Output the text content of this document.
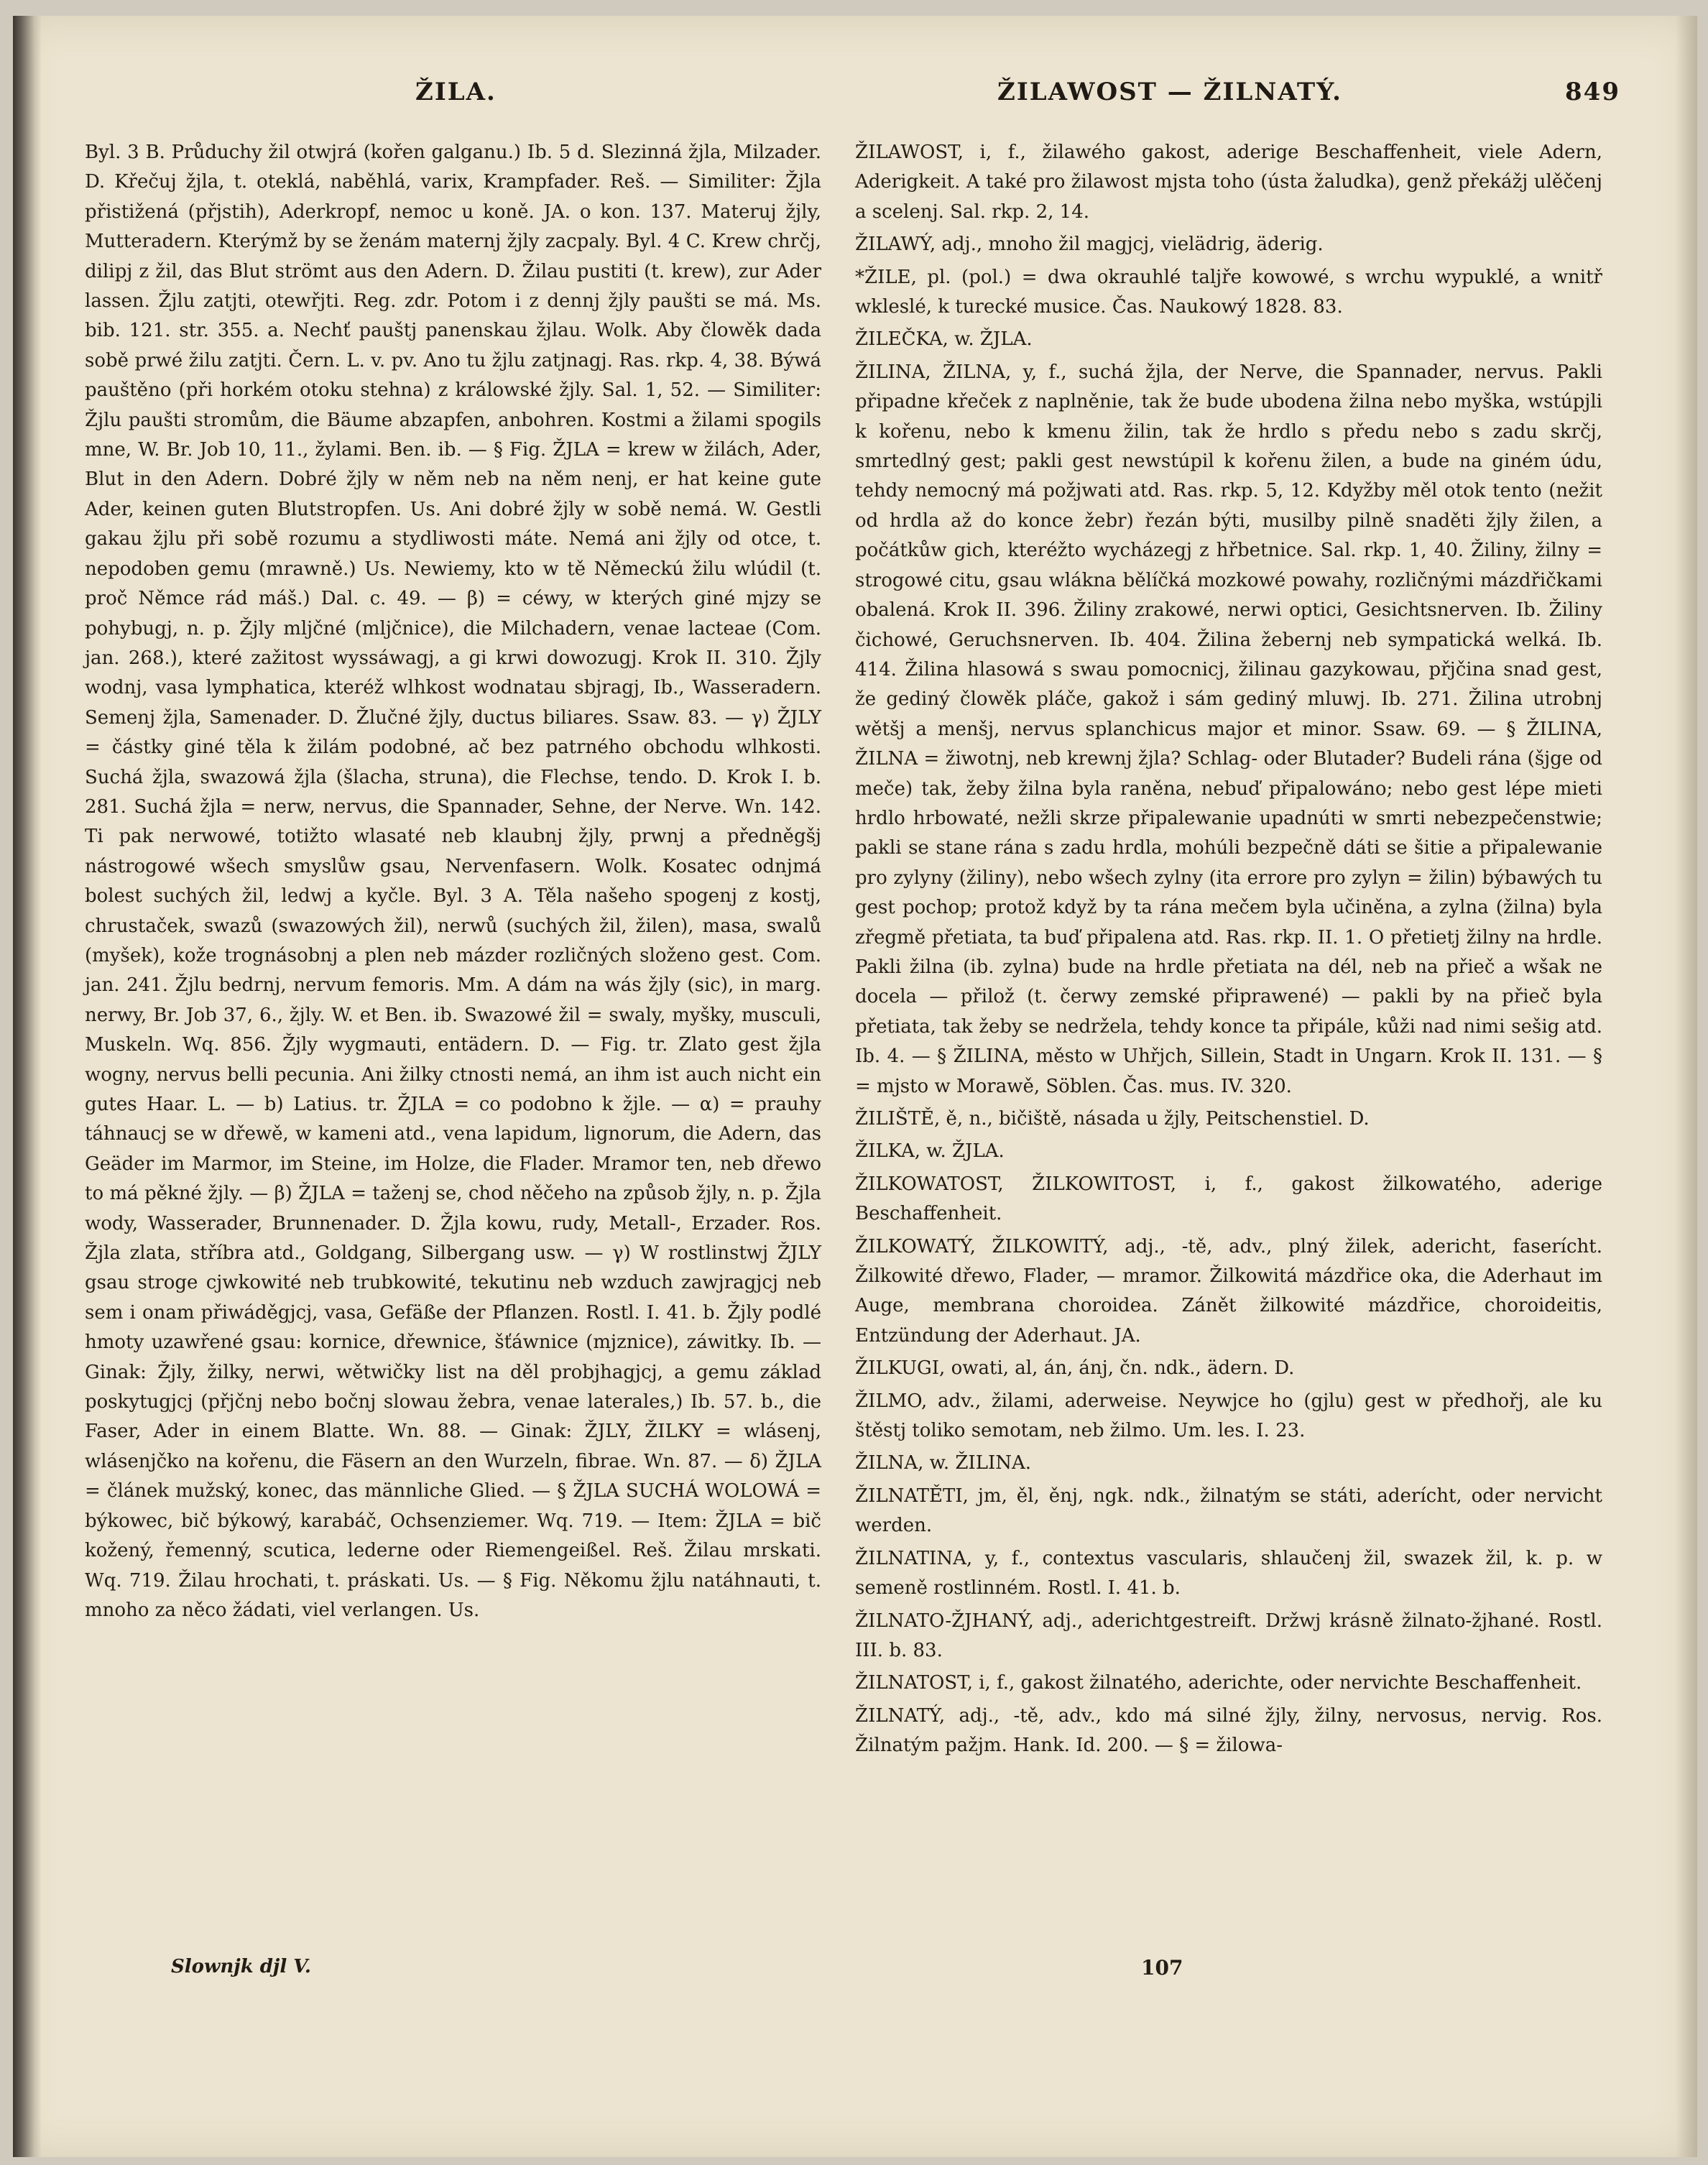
ŽILA.	ŽILAWOST — ŽILNATÝ.	849

Byl. 3 B. Průduchy žil otwjrá (kořen galganu.) Ib. 5 d. Slezinná žjla, Milzader. D. Křečuj žjla, t. oteklá, naběhlá, varix, Krampfader. Reš. — Similiter: Žjla přistižená (přjstih), Aderkropf, nemoc u koně. JA. o kon. 137. Materuj žjly, Mutteradern. Kterýmž by se ženám maternj žjly zacpaly. Byl. 4 C. Krew chrčj, dilipj z žil, das Blut strömt aus den Adern. D. Žilau pustiti (t. krew), zur Ader lassen. Žjlu zatjti, otewřjti. Reg. zdr. Potom i z dennj žjly paušti se má. Ms. bib. 121. str. 355. a. Nechť pauštj panenskau žjlau. Wolk. Aby člowěk dada sobě prwé žilu zatjti. Čern. L. v. pv. Ano tu žjlu zatjnagj. Ras. rkp. 4, 38. Býwá pauštěno (při horkém otoku stehna) z králowské žjly. Sal. 1, 52. — Similiter: Žjlu paušti stromům, die Bäume abzapfen, anbohren. Kostmi a žilami spogils mne, W. Br. Job 10, 11., žylami. Ben. ib. — § Fig. ŽJLA = krew w žilách, Ader, Blut in den Adern. Dobré žjly w něm neb na něm nenj, er hat keine gute Ader, keinen guten Blutstropfen. Us. Ani dobré žjly w sobě nemá. W. Gestli gakau žjlu při sobě rozumu a stydliwosti máte. Nemá ani žjly od otce, t. nepodoben gemu (mrawně.) Us. Newiemy, kto w tě Německú žilu wlúdil (t. proč Němce rád máš.) Dal. c. 49. — β) = céwy, w kterých giné mjzy se pohybugj, n. p. Žjly mljčné (mljčnice), die Milchadern, venae lacteae (Com. jan. 268.), které zažitost wyssáwagj, a gi krwi dowozugj. Krok II. 310. Žjly wodnj, vasa lymphatica, kteréž wlhkost wodnatau sbjragj, Ib., Wasseradern. Semenj žjla, Samenader. D. Žlučné žjly, ductus biliares. Ssaw. 83. — γ) ŽJLY = částky giné těla k žilám podobné, ač bez patrného obchodu wlhkosti. Suchá žjla, swazowá žjla (šlacha, struna), die Flechse, tendo. D. Krok I. b. 281. Suchá žjla = nerw, nervus, die Spannader, Sehne, der Nerve. Wn. 142. Ti pak nerwowé, totižto wlasaté neb klaubnj žjly, prwnj a předněgšj nástrogowé wšech smyslůw gsau, Nervenfasern. Wolk. Kosatec odnjmá bolest suchých žil, ledwj a kyčle. Byl. 3 A. Těla našeho spogenj z kostj, chrustaček, swazů (swazowých žil), nerwů (suchých žil, žilen), masa, swalů (myšek), kože trognásobnj a plen neb mázder rozličných složeno gest. Com. jan. 241. Žjlu bedrnj, nervum femoris. Mm. A dám na wás žjly (sic), in marg. nerwy, Br. Job 37, 6., žjly. W. et Ben. ib. Swazowé žil = swaly, myšky, musculi, Muskeln. Wq. 856. Žjly wygmauti, entädern. D. — Fig. tr. Zlato gest žjla wogny, nervus belli pecunia. Ani žilky ctnosti nemá, an ihm ist auch nicht ein gutes Haar. L. — b) Latius. tr. ŽJLA = co podobno k žjle. — α) = prauhy táhnaucj se w dřewě, w kameni atd., vena lapidum, lignorum, die Adern, das Geäder im Marmor, im Steine, im Holze, die Flader. Mramor ten, neb dřewo to má pěkné žjly. — β) ŽJLA = taženj se, chod něčeho na způsob žjly, n. p. Žjla wody, Wasserader, Brunnenader. D. Žjla kowu, rudy, Metall-, Erzader. Ros. Žjla zlata, stříbra atd., Goldgang, Silbergang usw. — γ) W rostlinstwj ŽJLY gsau stroge cjwkowité neb trubkowité, tekutinu neb wzduch zawjragjcj neb sem i onam přiwáděgjcj, vasa, Gefäße der Pflanzen. Rostl. I. 41. b. Žjly podlé hmoty uzawřené gsau: kornice, dřewnice, šťáwnice (mjznice), záwitky. Ib. — Ginak: Žjly, žilky, nerwi, wětwičky list na děl probjhagjcj, a gemu základ poskytugjcj (přjčnj nebo bočnj slowau žebra, venae laterales,) Ib. 57. b., die Faser, Ader in einem Blatte. Wn. 88. — Ginak: ŽJLY, ŽILKY = wlásenj, wlásenjčko na kořenu, die Fäsern an den Wurzeln, fibrae. Wn. 87. — δ) ŽJLA = článek mužský, konec, das männliche Glied. — § ŽJLA SUCHÁ WOLOWÁ = býkowec, bič býkowý, karabáč, Ochsenziemer. Wq. 719. — Item: ŽJLA = bič kožený, řemenný, scutica, lederne oder Riemengeißel. Reš. Žilau mrskati. Wq. 719. Žilau hrochati, t. práskati. Us. — § Fig. Někomu žjlu natáhnauti, t. mnoho za něco žádati, viel verlangen. Us.

ŽILAWOST, i, f., žilawého gakost, aderige Beschaffenheit, viele Adern, Aderigkeit. A také pro žilawost mjsta toho (ústa žaludka), genž překážj ulěčenj a scelenj. Sal. rkp. 2, 14.

ŽILAWÝ, adj., mnoho žil magjcj, vielädrig, äderig.

*ŽILE, pl. (pol.) = dwa okrauhlé taljře kowowé, s wrchu wypuklé, a wnitř wkleslé, k turecké musice. Čas. Naukowý 1828. 83.

ŽILEČKA, w. ŽJLA.

ŽILINA, ŽILNA, y, f., suchá žjla, der Nerve, die Spannader, nervus. Pakli připadne křeček z naplněnie, tak že bude ubodena žilna nebo myška, wstúpjli k kořenu, nebo k kmenu žilin, tak že hrdlo s předu nebo s zadu skrčj, smrtedlný gest; pakli gest newstúpil k kořenu žilen, a bude na giném údu, tehdy nemocný má požjwati atd. Ras. rkp. 5, 12. Kdyžby měl otok tento (nežit od hrdla až do konce žebr) řezán býti, musilby pilně snaděti žjly žilen, a počátkůw gich, kteréžto wycházegj z hřbetnice. Sal. rkp. 1, 40. Žiliny, žilny = strogowé citu, gsau wlákna bělíčká mozkowé powahy, rozličnými mázdřičkami obalená. Krok II. 396. Žiliny zrakowé, nerwi optici, Gesichtsnerven. Ib. Žiliny čichowé, Geruchsnerven. Ib. 404. Žilina žebernj neb sympatická welká. Ib. 414. Žilina hlasowá s swau pomocnicj, žilinau gazykowau, přjčina snad gest, že gediný člowěk pláče, gakož i sám gediný mluwj. Ib. 271. Žilina utrobnj wětšj a menšj, nervus splanchicus major et minor. Ssaw. 69. — § ŽILINA, ŽILNA = žiwotnj, neb krewnj žjla? Schlag- oder Blutader? Budeli rána (šjge od meče) tak, žeby žilna byla raněna, nebuď připalowáno; nebo gest lépe mieti hrdlo hrbowaté, nežli skrze připalewanie upadnúti w smrti nebezpečenstwie; pakli se stane rána s zadu hrdla, mohúli bezpečně dáti se šitie a připalewanie pro zylyny (žiliny), nebo wšech zylny (ita errore pro zylyn = žilin) býbawých tu gest pochop; protož když by ta rána mečem byla učiněna, a zylna (žilna) byla zřegmě přetiata, ta buď připalena atd. Ras. rkp. II. 1. O přetietj žilny na hrdle. Pakli žilna (ib. zylna) bude na hrdle přetiata na dél, neb na přieč a wšak ne docela — přilož (t. čerwy zemské připrawené) — pakli by na přieč byla přetiata, tak žeby se nedržela, tehdy konce ta připále, kůži nad nimi sešig atd. Ib. 4. — § ŽILINA, město w Uhřjch, Sillein, Stadt in Ungarn. Krok II. 131. — § = mjsto w Morawě, Söblen. Čas. mus. IV. 320.

ŽILIŠTĚ, ě, n., bičiště, násada u žjly, Peitschenstiel. D.

ŽILKA, w. ŽJLA.

ŽILKOWATOST, ŽILKOWITOST, i, f., gakost žilkowatého, aderige Beschaffenheit.

ŽILKOWATÝ, ŽILKOWITÝ, adj., -tě, adv., plný žilek, adericht, faserícht. Žilkowité dřewo, Flader, — mramor. Žilkowitá mázdřice oka, die Aderhaut im Auge, membrana choroidea. Zánět žilkowité mázdřice, choroideitis, Entzündung der Aderhaut. JA.

ŽILKUGI, owati, al, án, ánj, čn. ndk., ädern. D.

ŽILMO, adv., žilami, aderweise. Neywjce ho (gjlu) gest w předhořj, ale ku štěstj toliko semotam, neb žilmo. Um. les. I. 23.

ŽILNA, w. ŽILINA.

ŽILNATĚTI, jm, ěl, ěnj, ngk. ndk., žilnatým se státi, aderícht, oder nervicht werden.

ŽILNATINA, y, f., contextus vascularis, shlaučenj žil, swazek žil, k. p. w semeně rostlinném. Rostl. I. 41. b.

ŽILNATO-ŽJHANÝ, adj., aderichtgestreift. Držwj krásně žilnato-žjhané. Rostl. III. b. 83.

ŽILNATOST, i, f., gakost žilnatého, aderichte, oder nervichte Beschaffenheit.

ŽILNATÝ, adj., -tě, adv., kdo má silné žjly, žilny, nervosus, nervig. Ros. Žilnatým pažjm. Hank. Id. 200. — § = žilowa-

Slownjk djl V.	107
